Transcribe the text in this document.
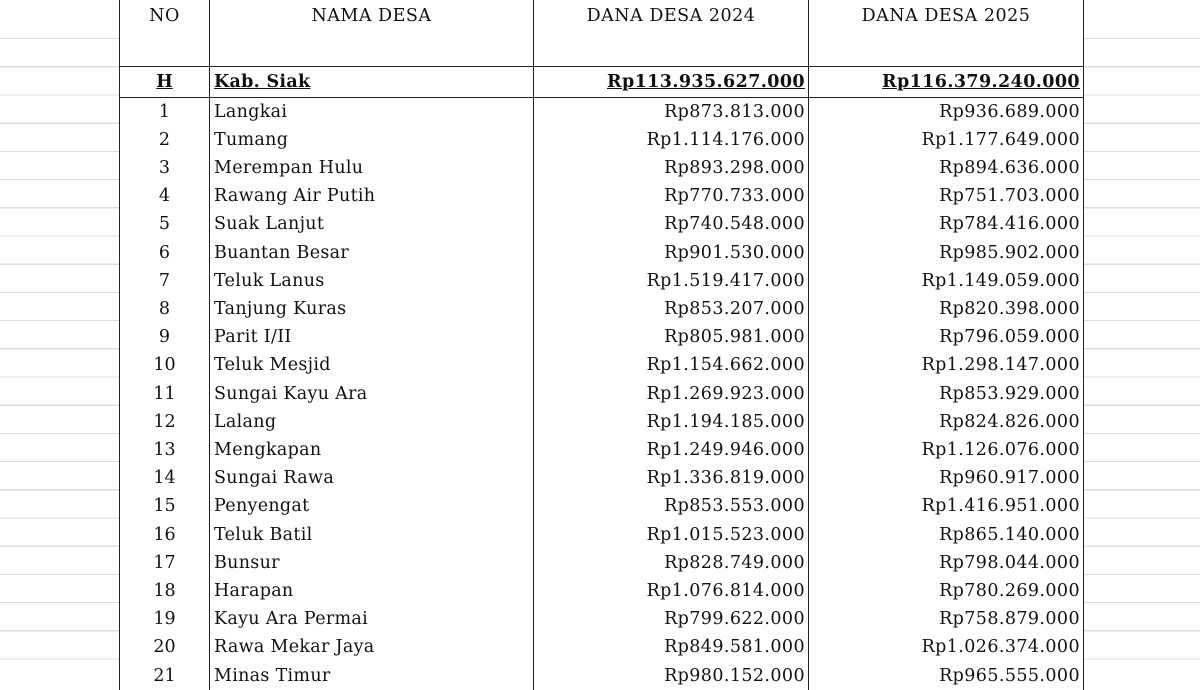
NO	NAMA DESA	DANA DESA 2024	DANA DESA 2025
H	Kab. Siak	Rp113.935.627.000	Rp116.379.240.000
1	Langkai	Rp873.813.000	Rp936.689.000
2	Tumang	Rp1.114.176.000	Rp1.177.649.000
3	Merempan Hulu	Rp893.298.000	Rp894.636.000
4	Rawang Air Putih	Rp770.733.000	Rp751.703.000
5	Suak Lanjut	Rp740.548.000	Rp784.416.000
6	Buantan Besar	Rp901.530.000	Rp985.902.000
7	Teluk Lanus	Rp1.519.417.000	Rp1.149.059.000
8	Tanjung Kuras	Rp853.207.000	Rp820.398.000
9	Parit I/II	Rp805.981.000	Rp796.059.000
10	Teluk Mesjid	Rp1.154.662.000	Rp1.298.147.000
11	Sungai Kayu Ara	Rp1.269.923.000	Rp853.929.000
12	Lalang	Rp1.194.185.000	Rp824.826.000
13	Mengkapan	Rp1.249.946.000	Rp1.126.076.000
14	Sungai Rawa	Rp1.336.819.000	Rp960.917.000
15	Penyengat	Rp853.553.000	Rp1.416.951.000
16	Teluk Batil	Rp1.015.523.000	Rp865.140.000
17	Bunsur	Rp828.749.000	Rp798.044.000
18	Harapan	Rp1.076.814.000	Rp780.269.000
19	Kayu Ara Permai	Rp799.622.000	Rp758.879.000
20	Rawa Mekar Jaya	Rp849.581.000	Rp1.026.374.000
21	Minas Timur	Rp980.152.000	Rp965.555.000
